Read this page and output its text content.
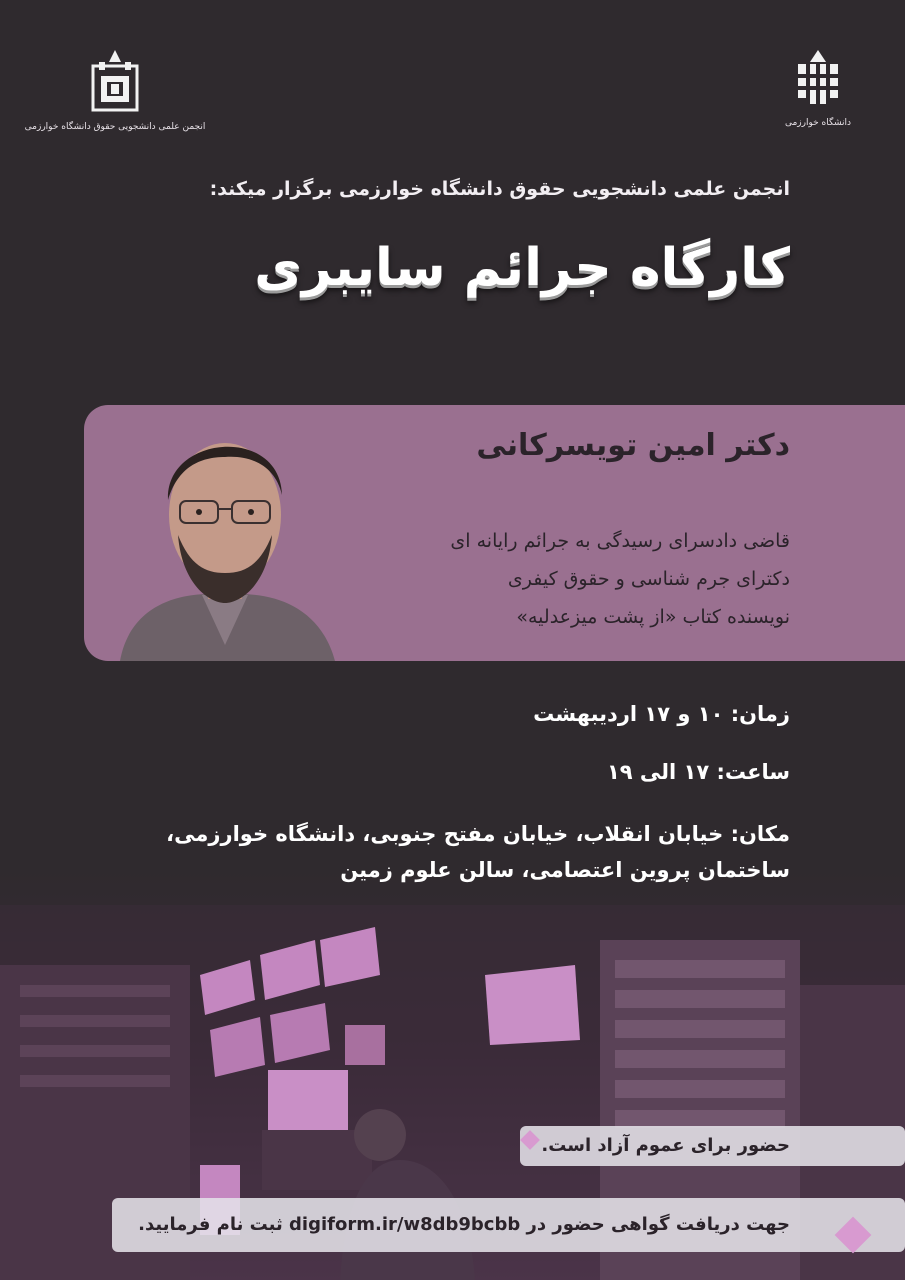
انجمن علمی دانشجویی حقوق دانشگاه خوارزمی	دانشگاه خوارزمی
انجمن علمی دانشجویی حقوق دانشگاه خوارزمی برگزار میکند:
کارگاه جرائم سایبری
دکتر امین تویسرکانی
قاضی دادسرای رسیدگی به جرائم رایانه ای
دکترای جرم شناسی و حقوق کیفری
نویسنده کتاب «از پشت میزعدلیه»
زمان: ۱۰ و ۱۷ اردیبهشت
ساعت: ۱۷ الی ۱۹
مکان: خیابان انقلاب، خیابان مفتح جنوبی، دانشگاه خوارزمی،
ساختمان پروین اعتصامی، سالن علوم زمین
حضور برای عموم آزاد است.
جهت دریافت گواهی حضور در digiform.ir/w8db9bcbb ثبت نام فرمایید.
